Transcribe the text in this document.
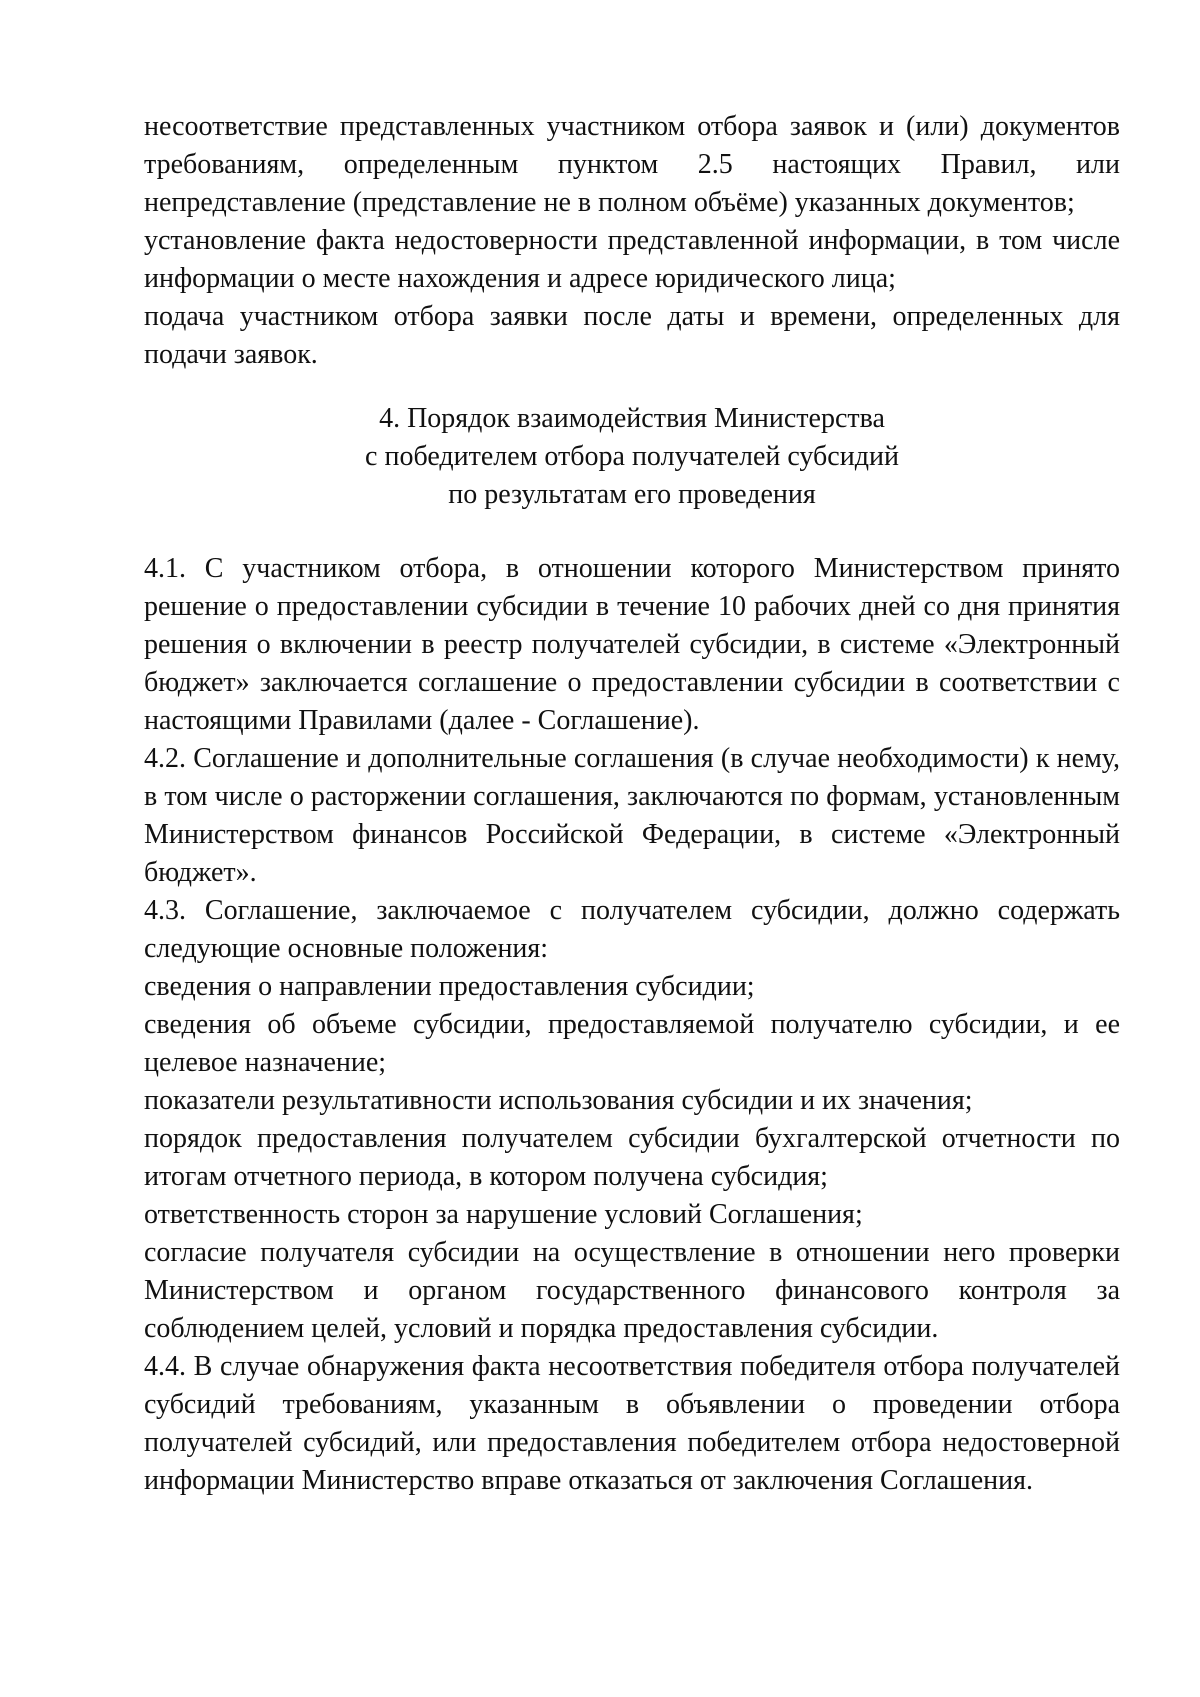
несоответствие представленных участником отбора заявок и (или) документов требованиям, определенным пунктом 2.5 настоящих Правил, или непредставление (представление не в полном объёме) указанных документов;

установление факта недостоверности представленной информации, в том числе информации о месте нахождения и адресе юридического лица;

подача участником отбора заявки после даты и времени, определенных для подачи заявок.

4. Порядок взаимодействия Министерства
с победителем отбора получателей субсидий
по результатам его проведения

4.1. С участником отбора, в отношении которого Министерством принято решение о предоставлении субсидии в течение 10 рабочих дней со дня принятия решения о включении в реестр получателей субсидии, в системе «Электронный бюджет» заключается соглашение о предоставлении субсидии в соответствии с настоящими Правилами (далее - Соглашение).

4.2. Соглашение и дополнительные соглашения (в случае необходимости) к нему, в том числе о расторжении соглашения, заключаются по формам, установленным Министерством финансов Российской Федерации, в системе «Электронный бюджет».

4.3. Соглашение, заключаемое с получателем субсидии, должно содержать следующие основные положения:

сведения о направлении предоставления субсидии;

сведения об объеме субсидии, предоставляемой получателю субсидии, и ее целевое назначение;

показатели результативности использования субсидии и их значения;

порядок предоставления получателем субсидии бухгалтерской отчетности по итогам отчетного периода, в котором получена субсидия;

ответственность сторон за нарушение условий Соглашения;

согласие получателя субсидии на осуществление в отношении него проверки Министерством и органом государственного финансового контроля за соблюдением целей, условий и порядка предоставления субсидии.

4.4. В случае обнаружения факта несоответствия победителя отбора получателей субсидий требованиям, указанным в объявлении о проведении отбора получателей субсидий, или предоставления победителем отбора недостоверной информации Министерство вправе отказаться от заключения Соглашения.
